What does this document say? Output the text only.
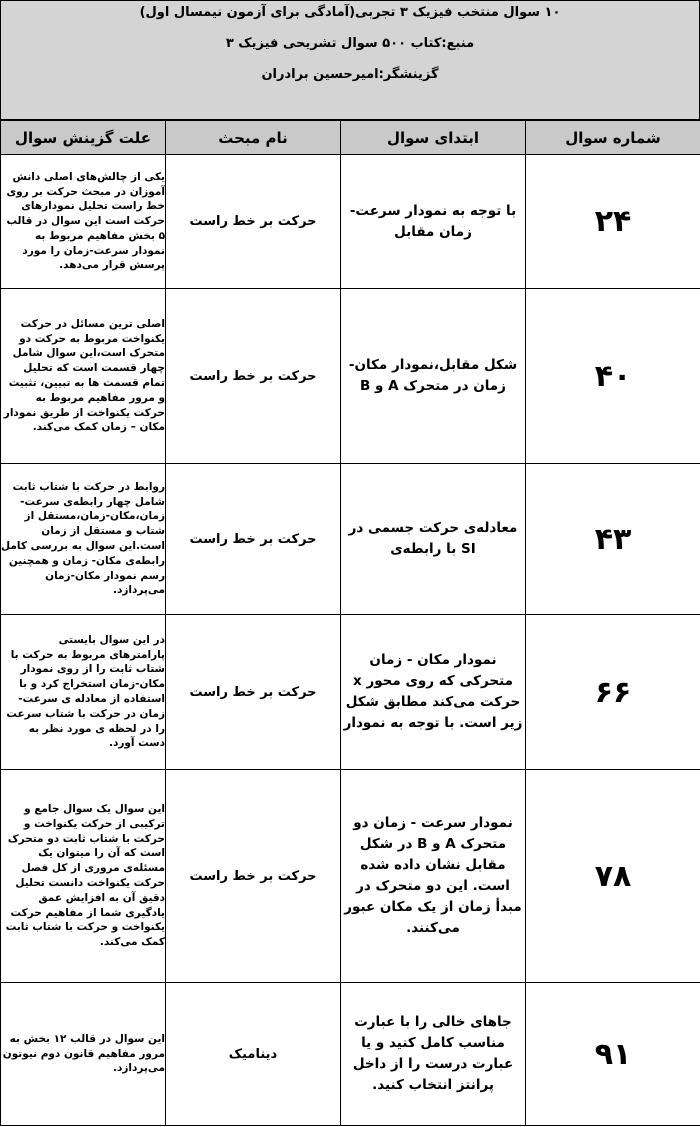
۱۰ سوال منتخب فیزیک ۳ تجربی(آمادگی برای آزمون نیمسال اول)
منبع:کتاب ۵۰۰ سوال تشریحی فیزیک ۳
گزینشگر:امیرحسین برادران
شماره سوال	ابتدای سوال	نام مبحث	علت گزینش سوال
۲۴	با توجه به نمودار سرعت-زمان مقابل	حرکت بر خط راست	یکی از چالش‌های اصلی دانش آموزان در مبحث حرکت بر روی خط راست تحلیل نمودارهای حرکت است این سوال در قالب ۵ بخش مفاهیم مربوط به نمودار سرعت-زمان را مورد پرسش قرار می‌دهد.
۴۰	شکل مقابل،نمودار مکان-زمان در متحرک A و B	حرکت بر خط راست	اصلی ترین مسائل در حرکت یکنواخت مربوط به حرکت دو متحرک است،این سوال شامل چهار قسمت است که تحلیل تمام قسمت ها به تبیین، تثبیت و مرور مفاهیم مربوط به حرکت یکنواخت از طریق نمودار مکان – زمان کمک می‌کند.
۴۳	معادله‌ی حرکت جسمی در SI با رابطه‌ی	حرکت بر خط راست	روابط در حرکت با شتاب ثابت شامل چهار رابطه‌ی سرعت-زمان،مکان-زمان،مستقل از شتاب و مستقل از زمان است.این سوال به بررسی کامل رابطه‌ی مکان- زمان و همچنین رسم نمودار مکان-زمان می‌پردازد.
۶۶	نمودار مکان - زمان متحرکی که روی محور x حرکت می‌کند مطابق شکل زیر است. با توجه به نمودار	حرکت بر خط راست	در این سوال بایستی پارامترهای مربوط به حرکت با شتاب ثابت را از روی نمودار مکان-زمان استخراج کرد و با استفاده از معادله ی سرعت-زمان در حرکت با شتاب سرعت را در لحظه ی مورد نظر به دست آورد.
۷۸	نمودار سرعت - زمان دو متحرک A و B در شکل مقابل نشان داده شده است. این دو متحرک در مبدأ زمان از یک مکان عبور می‌کنند.	حرکت بر خط راست	این سوال یک سوال جامع و ترکیبی از حرکت یکنواخت و حرکت با شتاب ثابت دو متحرک است که آن را میتوان یک مسئله‌ی مروری از کل فصل حرکت یکنواخت دانست تحلیل دقیق آن به افزایش عمق یادگیری شما از مفاهیم حرکت یکنواخت و حرکت با شتاب ثابت کمک می‌کند.
۹۱	جاهای خالی را با عبارت مناسب کامل کنید و یا عبارت درست را از داخل پرانتز انتخاب کنید.	دینامیک	این سوال در قالب ۱۲ بخش به مرور مفاهیم قانون دوم نیوتون می‌پردازد.
